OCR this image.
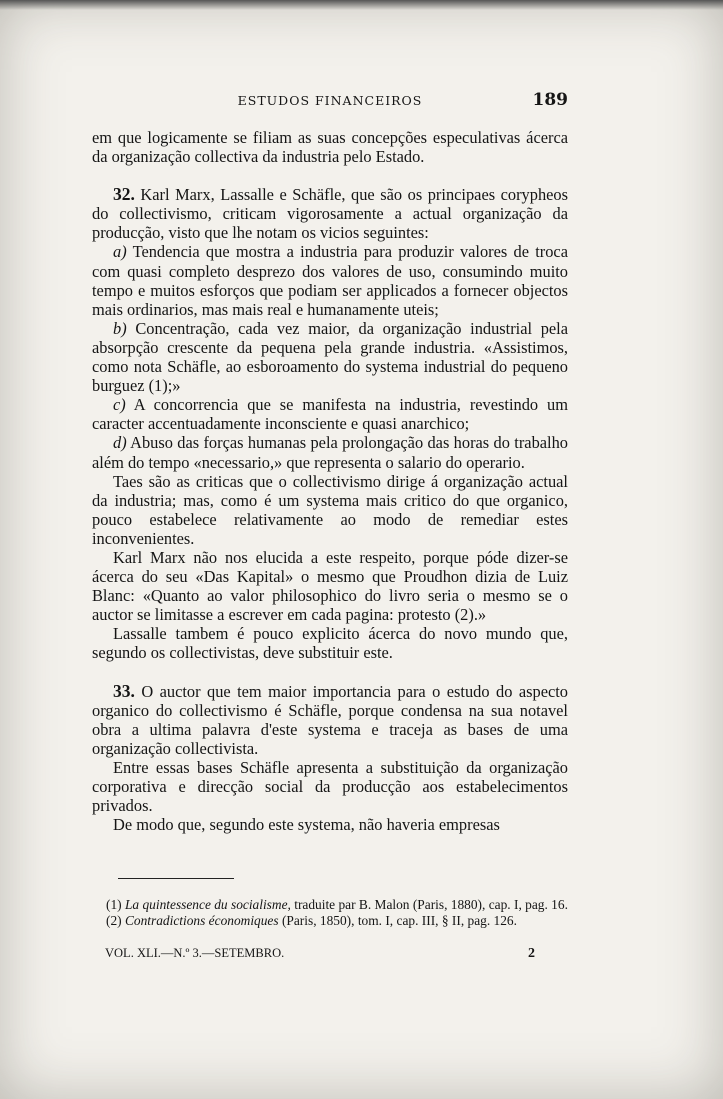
ESTUDOS FINANCEIROS	189

em que logicamente se filiam as suas concepções especulativas ácerca da organização collectiva da industria pelo Estado.

32. Karl Marx, Lassalle e Schäfle, que são os principaes corypheos do collectivismo, criticam vigorosamente a actual organização da producção, visto que lhe notam os vicios seguintes:

a) Tendencia que mostra a industria para produzir valores de troca com quasi completo desprezo dos valores de uso, consumindo muito tempo e muitos esforços que podiam ser applicados a fornecer objectos mais ordinarios, mas mais real e humanamente uteis;

b) Concentração, cada vez maior, da organização industrial pela absorpção crescente da pequena pela grande industria. «Assistimos, como nota Schäfle, ao esboroamento do systema industrial do pequeno burguez (1);»

c) A concorrencia que se manifesta na industria, revestindo um caracter accentuadamente inconsciente e quasi anarchico;

d) Abuso das forças humanas pela prolongação das horas do trabalho além do tempo «necessario,» que representa o salario do operario.

Taes são as criticas que o collectivismo dirige á organização actual da industria; mas, como é um systema mais critico do que organico, pouco estabelece relativamente ao modo de remediar estes inconvenientes.

Karl Marx não nos elucida a este respeito, porque póde dizer-se ácerca do seu «Das Kapital» o mesmo que Proudhon dizia de Luiz Blanc: «Quanto ao valor philosophico do livro seria o mesmo se o auctor se limitasse a escrever em cada pagina: protesto (2).»

Lassalle tambem é pouco explicito ácerca do novo mundo que, segundo os collectivistas, deve substituir este.

33. O auctor que tem maior importancia para o estudo do aspecto organico do collectivismo é Schäfle, porque condensa na sua notavel obra a ultima palavra d'este systema e traceja as bases de uma organização collectivista.

Entre essas bases Schäfle apresenta a substituição da organização corporativa e direcção social da producção aos estabelecimentos privados.

De modo que, segundo este systema, não haveria empresas

(1) La quintessence du socialisme, traduite par B. Malon (Paris, 1880), cap. I, pag. 16.

(2) Contradictions économiques (Paris, 1850), tom. I, cap. III, § II, pag. 126.

VOL. XLI.—N.º 3.—SETEMBRO.	2
